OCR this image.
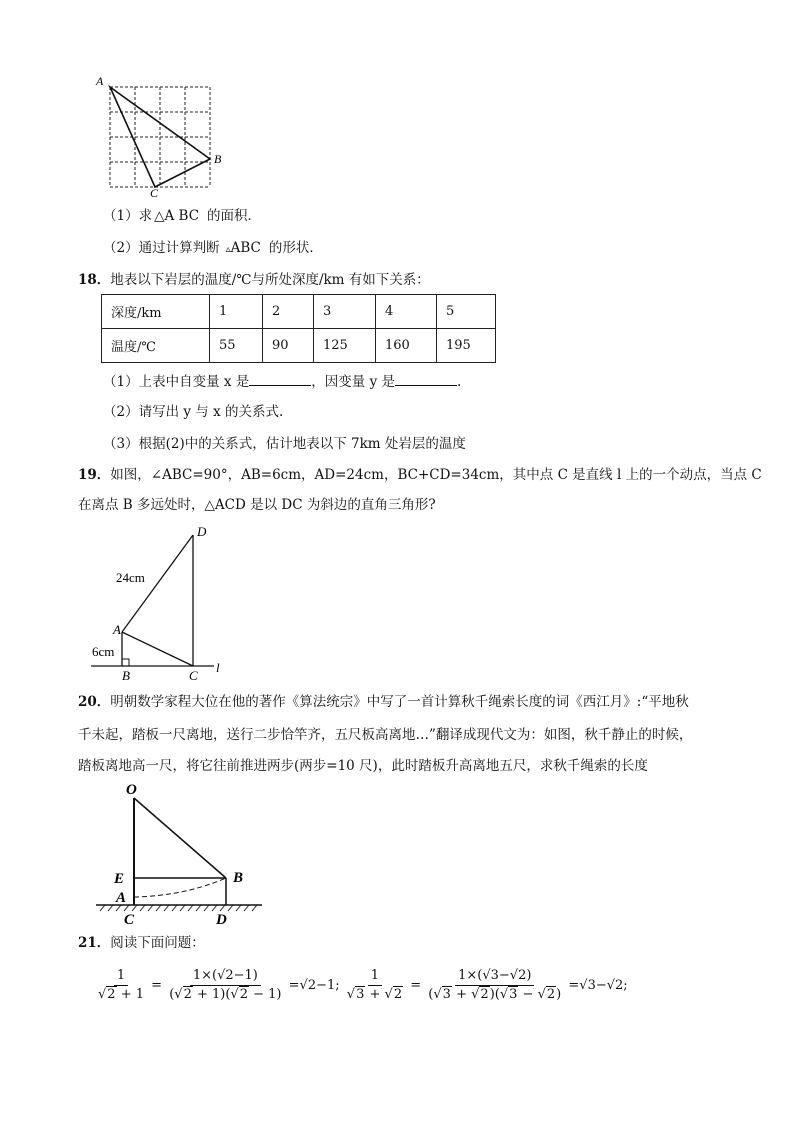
A
B
C
（1）求 △A BC 的面积．
（2）通过计算判断 ▵ABC 的形状．
18．地表以下岩层的温度/℃与所处深度/km 有如下关系：
深度/km	1	2	3	4	5
温度/℃	55	90	125	160	195
（1）上表中自变量 x 是	，因变量 y 是	.
（2）请写出 y 与 x 的关系式.
（3）根据(2)中的关系式，估计地表以下 7km 处岩层的温度
19．如图，∠ABC=90°，AB=6cm，AD=24cm，BC+CD=34cm，其中点 C 是直线 l 上的一个动点，当点 C
在离点 B 多远处时，△ACD 是以 DC 为斜边的直角三角形?
D
A
B	C
l
24cm
6cm
20．明朝数学家程大位在他的著作《算法统宗》中写了一首计算秋千绳索长度的词《西江月》:“平地秋
千未起，踏板一尺离地，送行二步恰竿齐，五尺板高离地…”翻译成现代文为：如图，秋千静止的时候，
踏板离地高一尺，将它往前推进两步(两步=10 尺)，此时踏板升高离地五尺，求秋千绳索的长度
O
E
A
B
C	D
21．阅读下面问题：
$\frac{1}{√2 + 1} = \frac{1\times(√2-1)}{(√2 + 1)(√2 - 1)} =√2-1$; $\frac{1}{√3 + √2} = \frac{1\times(√3-√2)}{(√3 + √2)(√3 - √2)} =√3-√2$;
